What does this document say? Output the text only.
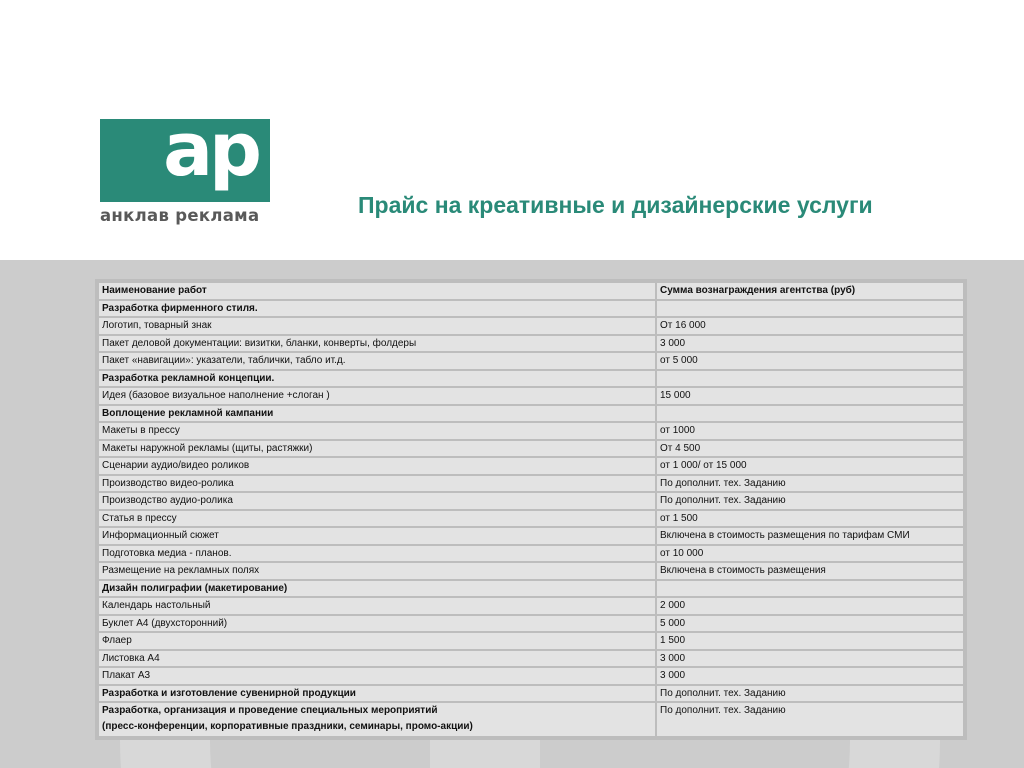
ap
анклав реклама	Прайс на креативные и дизайнерские услуги
Наименование работ	Сумма вознаграждения агентства (руб)
Разработка фирменного стиля.	
Логотип, товарный знак	От 16 000
Пакет деловой документации: визитки, бланки, конверты, фолдеры	3 000
Пакет «навигации»: указатели, таблички, табло ит.д.	от 5 000
Разработка рекламной концепции.	
Идея (базовое визуальное наполнение +слоган )	15 000
Воплощение рекламной кампании	
Макеты в прессу	от 1000
Макеты наружной рекламы (щиты, растяжки)	От 4 500
Сценарии аудио/видео роликов	от 1 000/ от 15 000
Производство видео-ролика	По дополнит. тех. Заданию
Производство аудио-ролика	По дополнит. тех. Заданию
Статья в прессу	от 1 500
Информационный сюжет	Включена в стоимость размещения по тарифам СМИ
Подготовка медиа - планов.	от 10 000
Размещение на рекламных полях	Включена в стоимость размещения
Дизайн полиграфии (макетирование)	
Календарь настольный	2 000
Буклет А4 (двухсторонний)	5 000
Флаер	1 500
Листовка А4	3 000
Плакат А3	3 000
Разработка и изготовление сувенирной продукции	По дополнит. тех. Заданию

Разработка, организация и проведение специальных мероприятий
(пресс-конференции, корпоративные праздники, семинары, промо-акции)	По дополнит. тех. Заданию
